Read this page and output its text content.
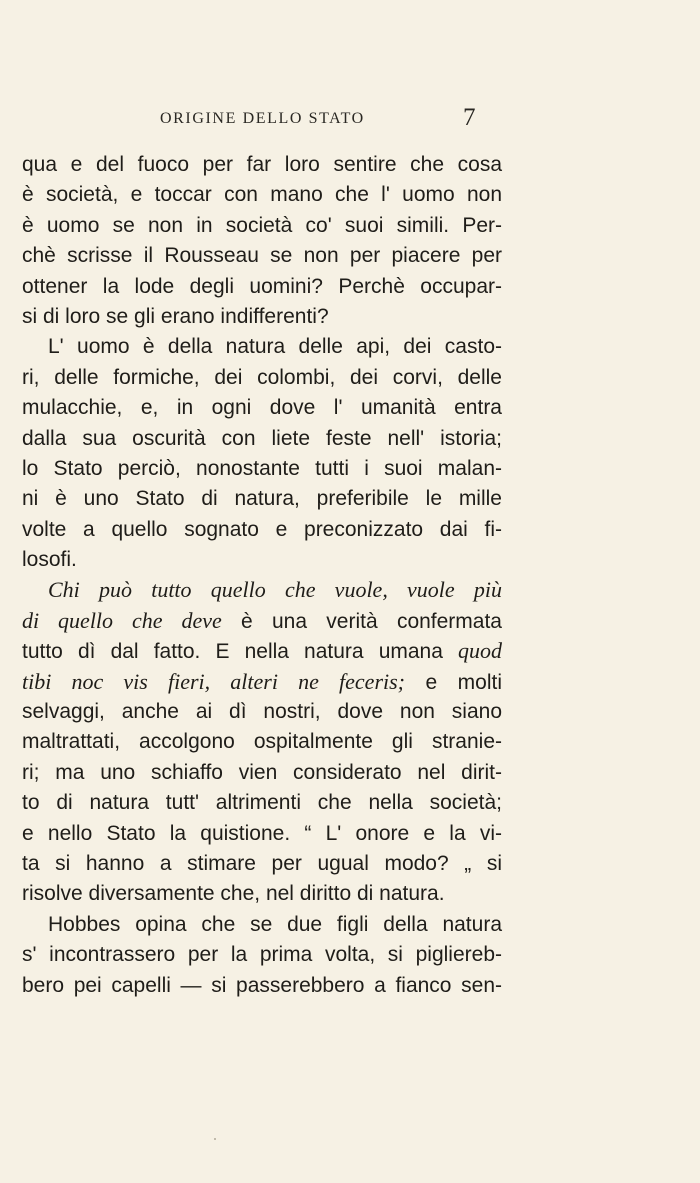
ORIGINE DELLO STATO	7
qua e del fuoco per far loro sentire che cosa
è società, e toccar con mano che l' uomo non
è uomo se non in società co' suoi simili. Per-
chè scrisse il Rousseau se non per piacere per
ottener la lode degli uomini? Perchè occupar-
si di loro se gli erano indifferenti?
L' uomo è della natura delle api, dei casto-
ri, delle formiche, dei colombi, dei corvi, delle
mulacchie, e, in ogni dove l' umanità entra
dalla sua oscurità con liete feste nell' istoria;
lo Stato perciò, nonostante tutti i suoi malan-
ni è uno Stato di natura, preferibile le mille
volte a quello sognato e preconizzato dai fi-
losofi.
Chi può tutto quello che vuole, vuole più
di quello che deve è una verità confermata
tutto dì dal fatto. E nella natura umana quod
tibi noc vis fieri, alteri ne feceris; e molti
selvaggi, anche ai dì nostri, dove non siano
maltrattati, accolgono ospitalmente gli stranie-
ri; ma uno schiaffo vien considerato nel dirit-
to di natura tutt' altrimenti che nella società;
e nello Stato la quistione. “ L' onore e la vi-
ta si hanno a stimare per ugual modo? „ si
risolve diversamente che, nel diritto di natura.
Hobbes opina che se due figli della natura
s' incontrassero per la prima volta, si piglierеb-
bero pei capelli — si passerebbero a fianco sen-
